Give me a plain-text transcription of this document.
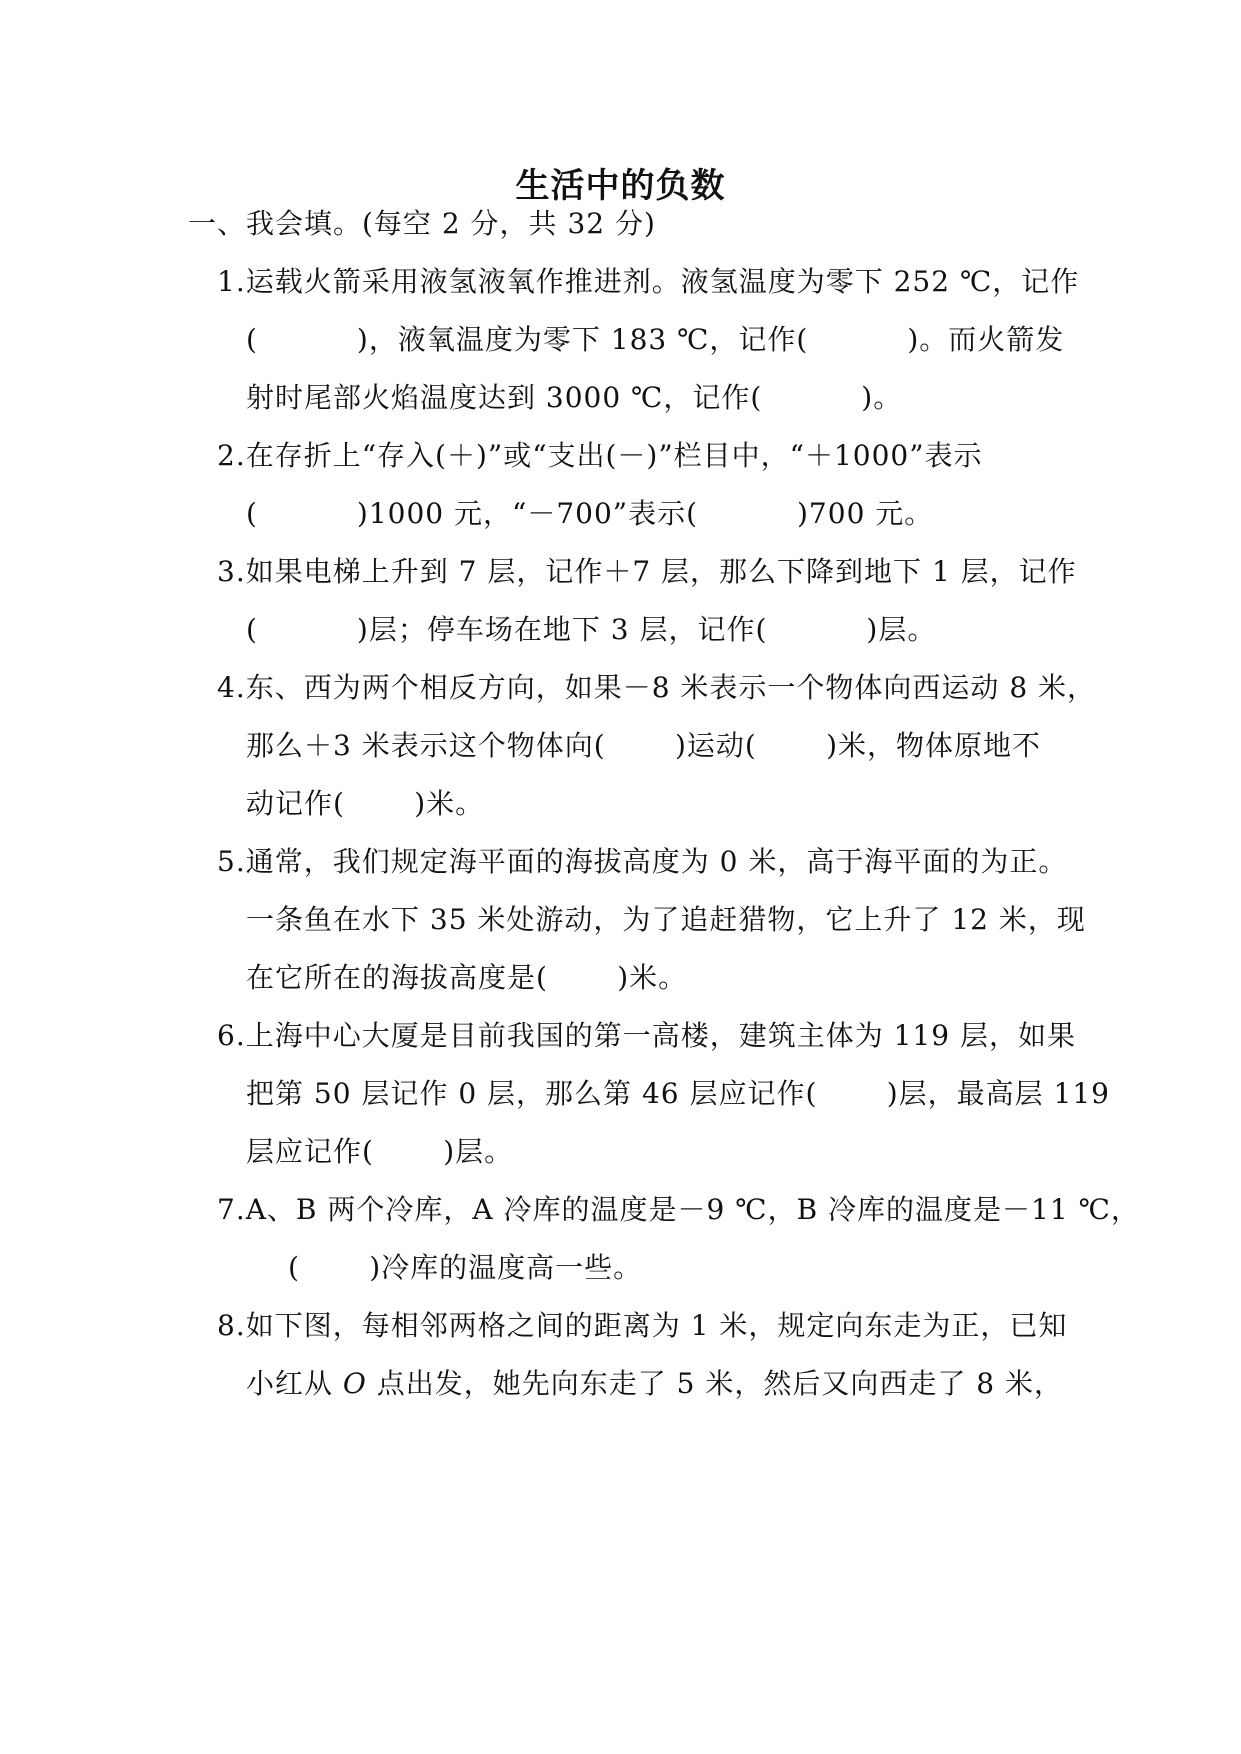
生活中的负数
一、我会填。(每空 2 分，共 32 分)
1.运载火箭采用液氢液氧作推进剂。液氢温度为零下 252 ℃，记作
(          )，液氧温度为零下 183 ℃，记作(          )。而火箭发
射时尾部火焰温度达到 3000 ℃，记作(          )。
2.在存折上“存入(＋)”或“支出(－)”栏目中，“＋1000”表示
(          )1000 元，“－700”表示(          )700 元。
3.如果电梯上升到 7 层，记作＋7 层，那么下降到地下 1 层，记作
(          )层；停车场在地下 3 层，记作(          )层。
4.东、西为两个相反方向，如果－8 米表示一个物体向西运动 8 米，
那么＋3 米表示这个物体向(       )运动(       )米，物体原地不
动记作(       )米。
5.通常，我们规定海平面的海拔高度为 0 米，高于海平面的为正。
一条鱼在水下 35 米处游动，为了追赶猎物，它上升了 12 米，现
在它所在的海拔高度是(       )米。
6.上海中心大厦是目前我国的第一高楼，建筑主体为 119 层，如果
把第 50 层记作 0 层，那么第 46 层应记作(       )层，最高层 119
层应记作(       )层。
7.A、B 两个冷库，A 冷库的温度是－9 ℃，B 冷库的温度是－11 ℃，
(       )冷库的温度高一些。
8.如下图，每相邻两格之间的距离为 1 米，规定向东走为正，已知
小红从 O 点出发，她先向东走了 5 米，然后又向西走了 8 米，
